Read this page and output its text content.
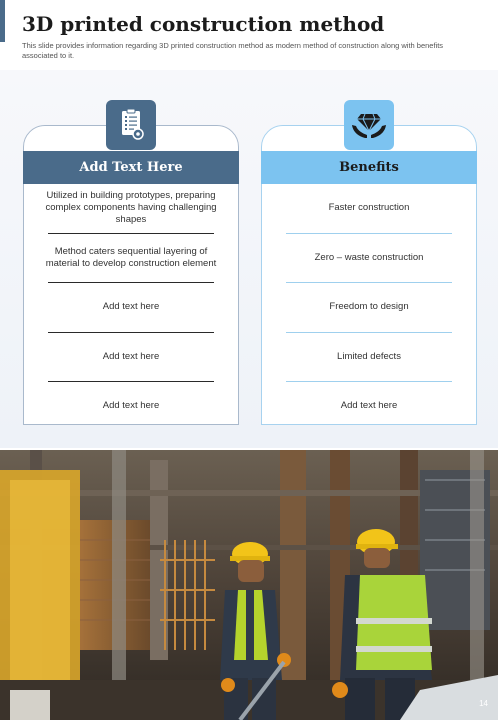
3D printed construction method
This slide provides information regarding 3D printed construction method as modern method of construction along with benefits associated to it.
Add Text Here
Utilized in building prototypes, preparing complex components having challenging shapes
Method caters sequential layering of material to develop construction element
Add text here
Add text here
Add text here
Benefits
Faster construction
Zero – waste construction
Freedom to design
Limited defects
Add text here
14
